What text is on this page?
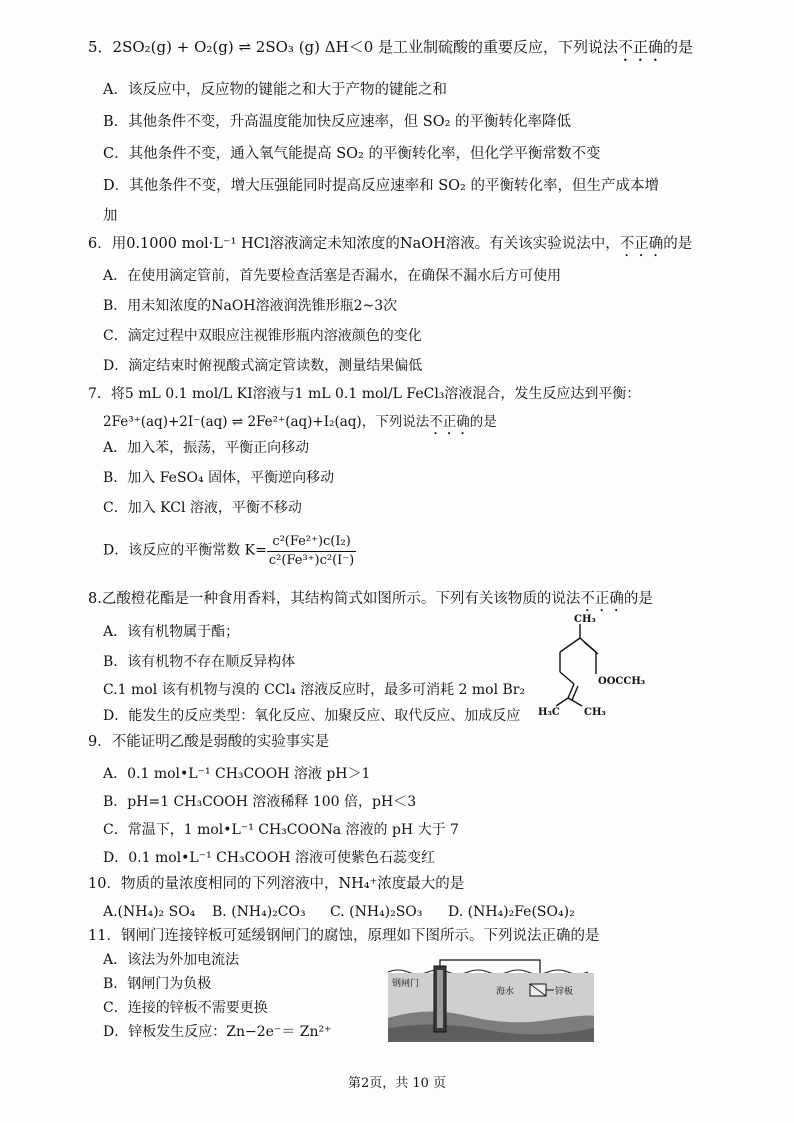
5．2SO₂(g) + O₂(g) ⇌ 2SO₃ (g) ΔH＜0 是工业制硫酸的重要反应，下列说法不正确的是
A．该反应中，反应物的键能之和大于产物的键能之和
B．其他条件不变，升高温度能加快反应速率，但 SO₂ 的平衡转化率降低
C．其他条件不变，通入氧气能提高 SO₂ 的平衡转化率，但化学平衡常数不变
D．其他条件不变，增大压强能同时提高反应速率和 SO₂ 的平衡转化率，但生产成本增
加
6．用0.1000 mol·L⁻¹ HCl溶液滴定未知浓度的NaOH溶液。有关该实验说法中，不正确的是
A．在使用滴定管前，首先要检查活塞是否漏水，在确保不漏水后方可使用
B．用未知浓度的NaOH溶液润洗锥形瓶2~3次
C．滴定过程中双眼应注视锥形瓶内溶液颜色的变化
D．滴定结束时俯视酸式滴定管读数，测量结果偏低
7．将5 mL 0.1 mol/L KI溶液与1 mL 0.1 mol/L FeCl₃溶液混合，发生反应达到平衡：
2Fe³⁺(aq)+2I⁻(aq) ⇌ 2Fe²⁺(aq)+I₂(aq)，下列说法不正确的是
A．加入苯，振荡，平衡正向移动
B．加入 FeSO₄ 固体，平衡逆向移动
C．加入 KCl 溶液，平衡不移动
D．该反应的平衡常数 $K= \frac{\text{c²(Fe²⁺)c(I₂)}}{\text{c²(Fe³⁺)c²(I⁻)}}$
8.乙酸橙花酯是一种食用香料，其结构简式如图所示。下列有关该物质的说法不正确的是
A．该有机物属于酯；
B．该有机物不存在顺反异构体
C.1 mol 该有机物与溴的 CCl₄ 溶液反应时，最多可消耗 2 mol Br₂
D．能发生的反应类型：氧化反应、加聚反应、取代反应、加成反应
CH₃
OOCCH₃
H₃C CH₃
9．不能证明乙酸是弱酸的实验事实是
A．0.1 mol•L⁻¹ CH₃COOH 溶液 pH＞1
B．pH=1 CH₃COOH 溶液稀释 100 倍，pH＜3
C．常温下，1 mol•L⁻¹ CH₃COONa 溶液的 pH 大于 7
D．0.1 mol•L⁻¹ CH₃COOH 溶液可使紫色石蕊变红
10．物质的量浓度相同的下列溶液中，NH₄⁺浓度最大的是
A.(NH₄)₂ SO₄ B. (NH₄)₂CO₃ C. (NH₄)₂SO₃ D. (NH₄)₂Fe(SO₄)₂
11．钢闸门连接锌板可延缓钢闸门的腐蚀，原理如下图所示。下列说法正确的是
A．该法为外加电流法
B．钢闸门为负极
C．连接的锌板不需要更换
D．锌板发生反应：Zn−2e⁻＝ Zn²⁺
钢闸门
海水	锌板
第2页，共 10 页
